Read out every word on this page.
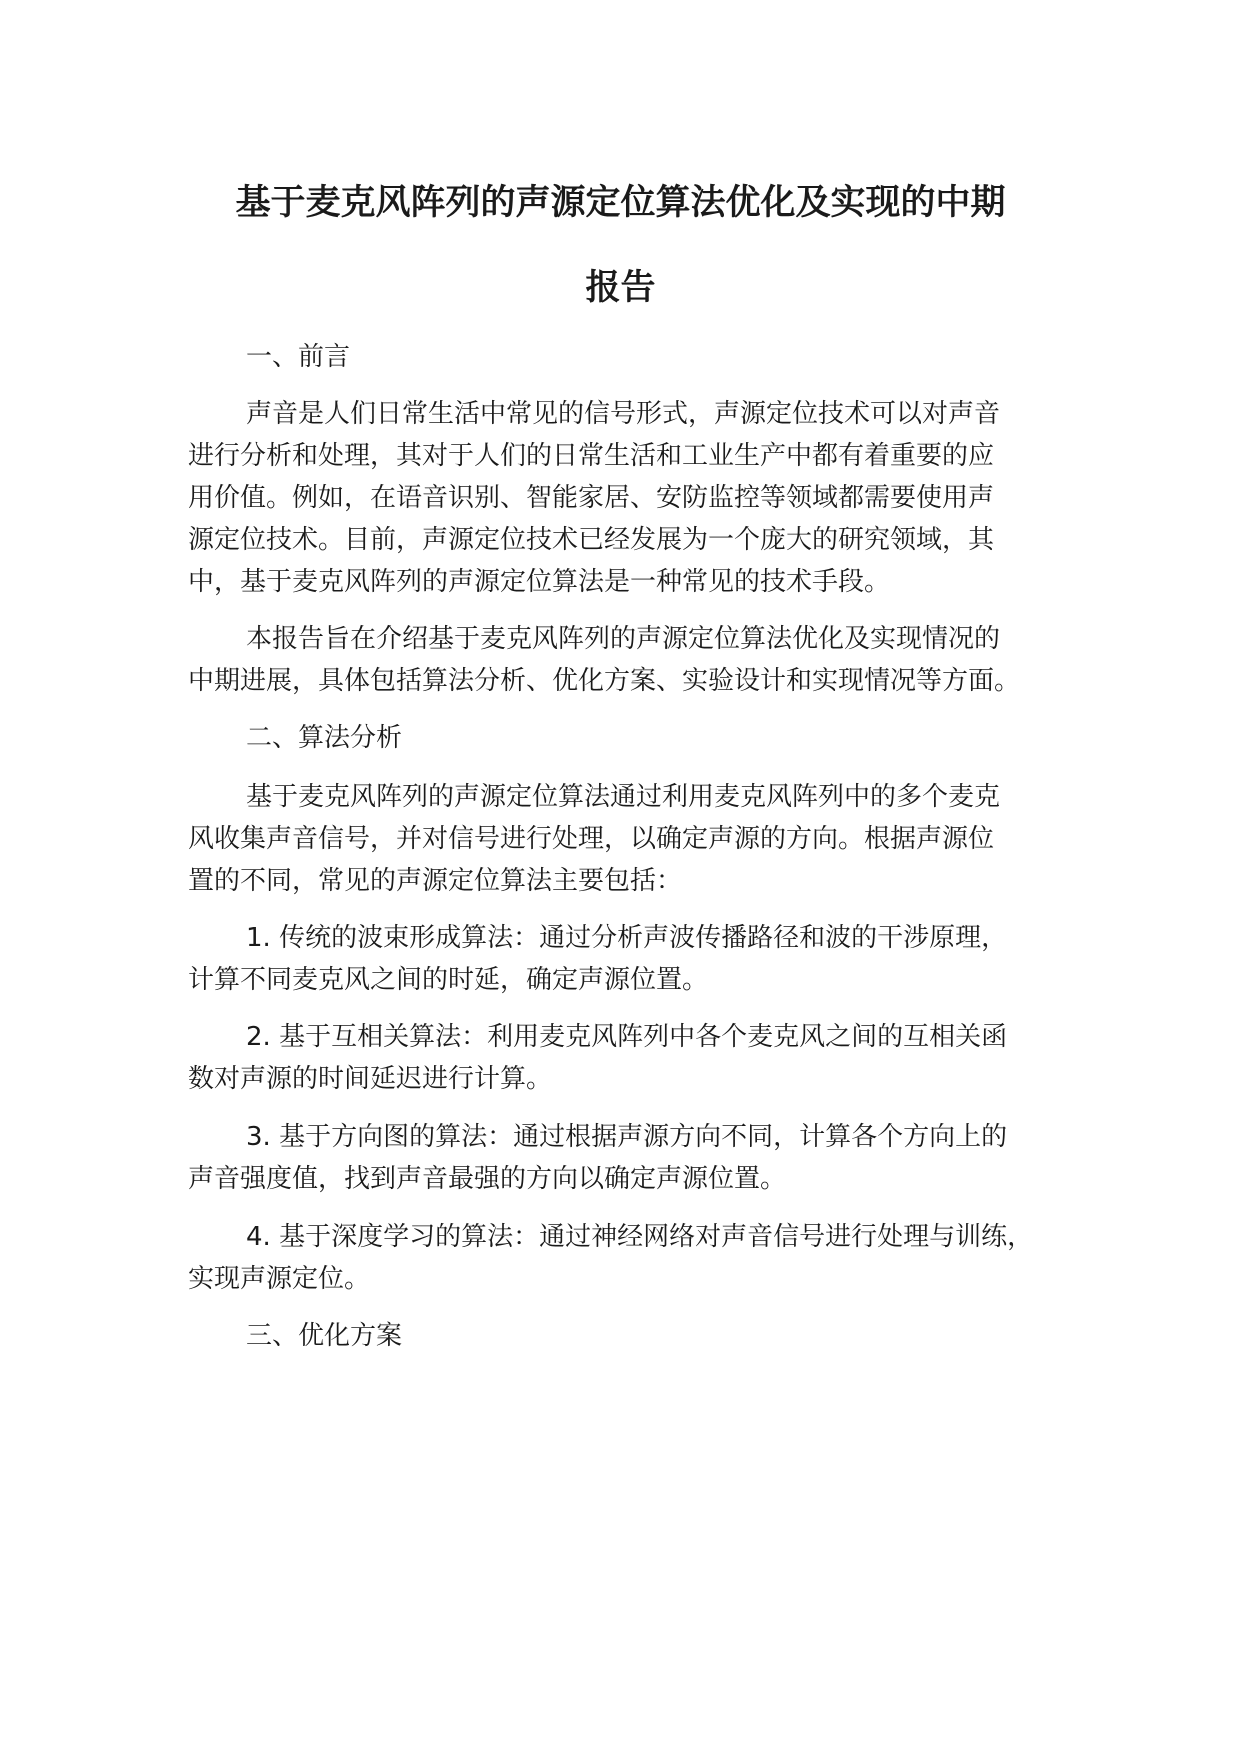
基于麦克风阵列的声源定位算法优化及实现的中期
报告

一、前言

声音是人们日常生活中常见的信号形式，声源定位技术可以对声音

进行分析和处理，其对于人们的日常生活和工业生产中都有着重要的应

用价值。例如，在语音识别、智能家居、安防监控等领域都需要使用声

源定位技术。目前，声源定位技术已经发展为一个庞大的研究领域，其

中，基于麦克风阵列的声源定位算法是一种常见的技术手段。

本报告旨在介绍基于麦克风阵列的声源定位算法优化及实现情况的

中期进展，具体包括算法分析、优化方案、实验设计和实现情况等方面。

二、算法分析

基于麦克风阵列的声源定位算法通过利用麦克风阵列中的多个麦克

风收集声音信号，并对信号进行处理，以确定声源的方向。根据声源位

置的不同，常见的声源定位算法主要包括：

1. 传统的波束形成算法：通过分析声波传播路径和波的干涉原理，

计算不同麦克风之间的时延，确定声源位置。

2. 基于互相关算法：利用麦克风阵列中各个麦克风之间的互相关函

数对声源的时间延迟进行计算。

3. 基于方向图的算法：通过根据声源方向不同，计算各个方向上的

声音强度值，找到声音最强的方向以确定声源位置。

4. 基于深度学习的算法：通过神经网络对声音信号进行处理与训练，

实现声源定位。

三、优化方案
